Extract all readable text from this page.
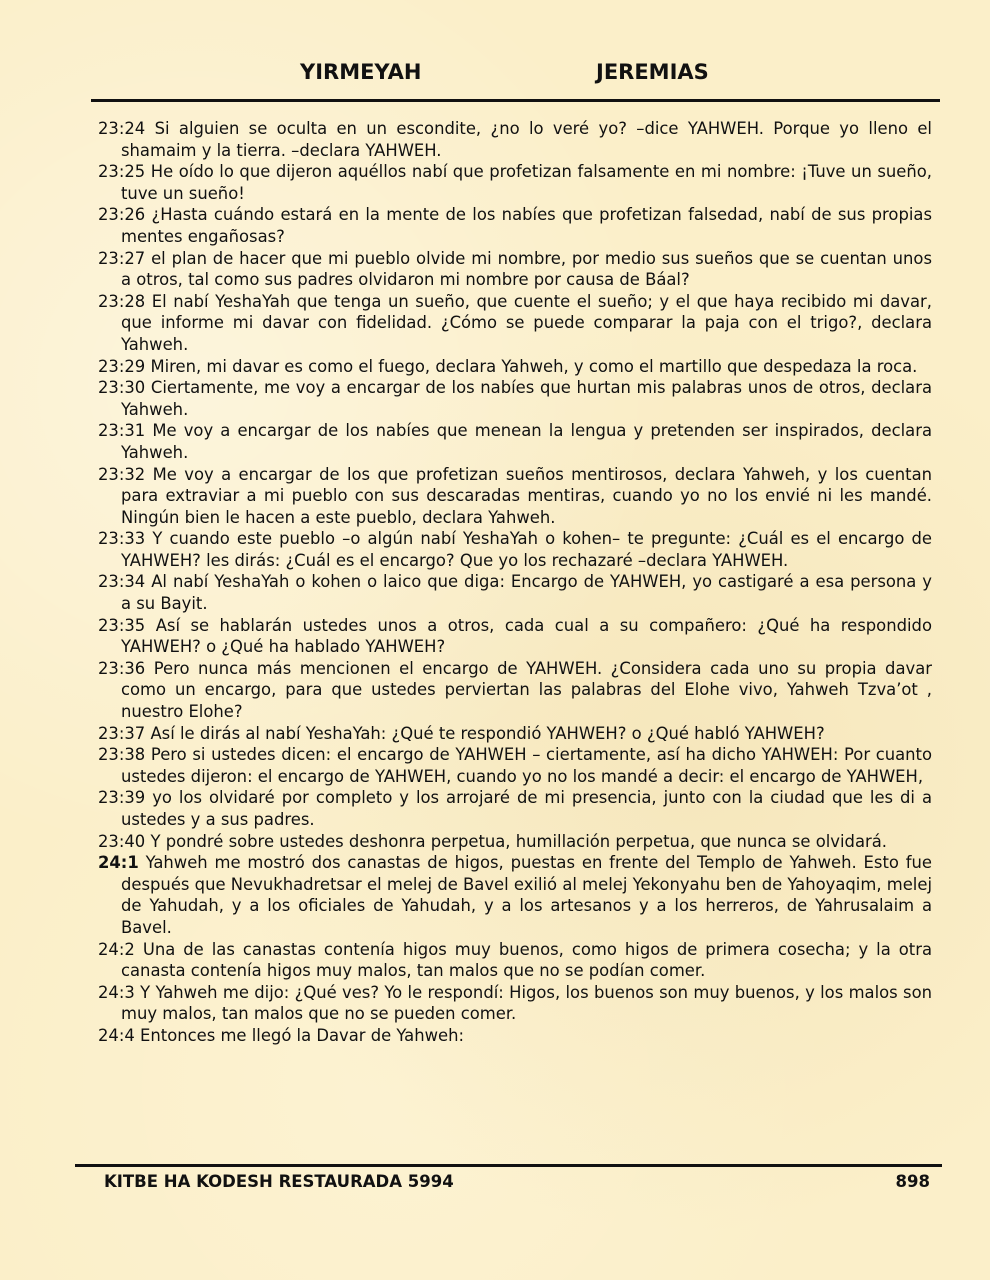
YIRMEYAH	JEREMIAS

23:24 Si alguien se oculta en un escondite, ¿no lo veré yo? –dice YAHWEH. Porque yo lleno el shamaim y la tierra. –declara YAHWEH.

23:25 He oído lo que dijeron aquéllos nabí que profetizan falsamente en mi nombre: ¡Tuve un sueño, tuve un sueño!

23:26 ¿Hasta cuándo estará en la mente de los nabíes que profetizan falsedad, nabí de sus propias mentes engañosas?

23:27 el plan de hacer que mi pueblo olvide mi nombre, por medio sus sueños que se cuentan unos a otros, tal como sus padres olvidaron mi nombre por causa de Báal?

23:28 El nabí YeshaYah que tenga un sueño, que cuente el sueño; y el que haya recibido mi davar, que informe mi davar con fidelidad. ¿Cómo se puede comparar la paja con el trigo?, declara Yahweh.

23:29 Miren, mi davar es como el fuego, declara Yahweh, y como el martillo que despedaza la roca.

23:30 Ciertamente, me voy a encargar de los nabíes que hurtan mis palabras unos de otros, declara Yahweh.

23:31 Me voy a encargar de los nabíes que menean la lengua y pretenden ser inspirados, declara Yahweh.

23:32 Me voy a encargar de los que profetizan sueños mentirosos, declara Yahweh, y los cuentan para extraviar a mi pueblo con sus descaradas mentiras, cuando yo no los envié ni les mandé. Ningún bien le hacen a este pueblo, declara Yahweh.

23:33 Y cuando este pueblo –o algún nabí YeshaYah o kohen– te pregunte: ¿Cuál es el encargo de YAHWEH? les dirás: ¿Cuál es el encargo? Que yo los rechazaré –declara YAHWEH.

23:34 Al nabí YeshaYah o kohen o laico que diga: Encargo de YAHWEH, yo castigaré a esa persona y a su Bayit.

23:35 Así se hablarán ustedes unos a otros, cada cual a su compañero: ¿Qué ha respondido YAHWEH? o ¿Qué ha hablado YAHWEH?

23:36 Pero nunca más mencionen el encargo de YAHWEH. ¿Considera cada uno su propia davar como un encargo, para que ustedes perviertan las palabras del Elohe vivo, Yahweh Tzva’ot , nuestro Elohe?

23:37 Así le dirás al nabí YeshaYah: ¿Qué te respondió YAHWEH? o ¿Qué habló YAHWEH?

23:38 Pero si ustedes dicen: el encargo de YAHWEH – ciertamente, así ha dicho YAHWEH: Por cuanto ustedes dijeron: el encargo de YAHWEH, cuando yo no los mandé a decir: el encargo de YAHWEH,

23:39 yo los olvidaré por completo y los arrojaré de mi presencia, junto con la ciudad que les di a ustedes y a sus padres.

23:40 Y pondré sobre ustedes deshonra perpetua, humillación perpetua, que nunca se olvidará.

24:1 Yahweh me mostró dos canastas de higos, puestas en frente del Templo de Yahweh. Esto fue después que Nevukhadretsar el melej de Bavel exilió al melej Yekonyahu ben de Yahoyaqim, melej de Yahudah, y a los oficiales de Yahudah, y a los artesanos y a los herreros, de Yahrusalaim a Bavel.

24:2 Una de las canastas contenía higos muy buenos, como higos de primera cosecha; y la otra canasta contenía higos muy malos, tan malos que no se podían comer.

24:3 Y Yahweh me dijo: ¿Qué ves? Yo le respondí: Higos, los buenos son muy buenos, y los malos son muy malos, tan malos que no se pueden comer.

24:4 Entonces me llegó la Davar de Yahweh:

KITBE HA KODESH RESTAURADA 5994	898
